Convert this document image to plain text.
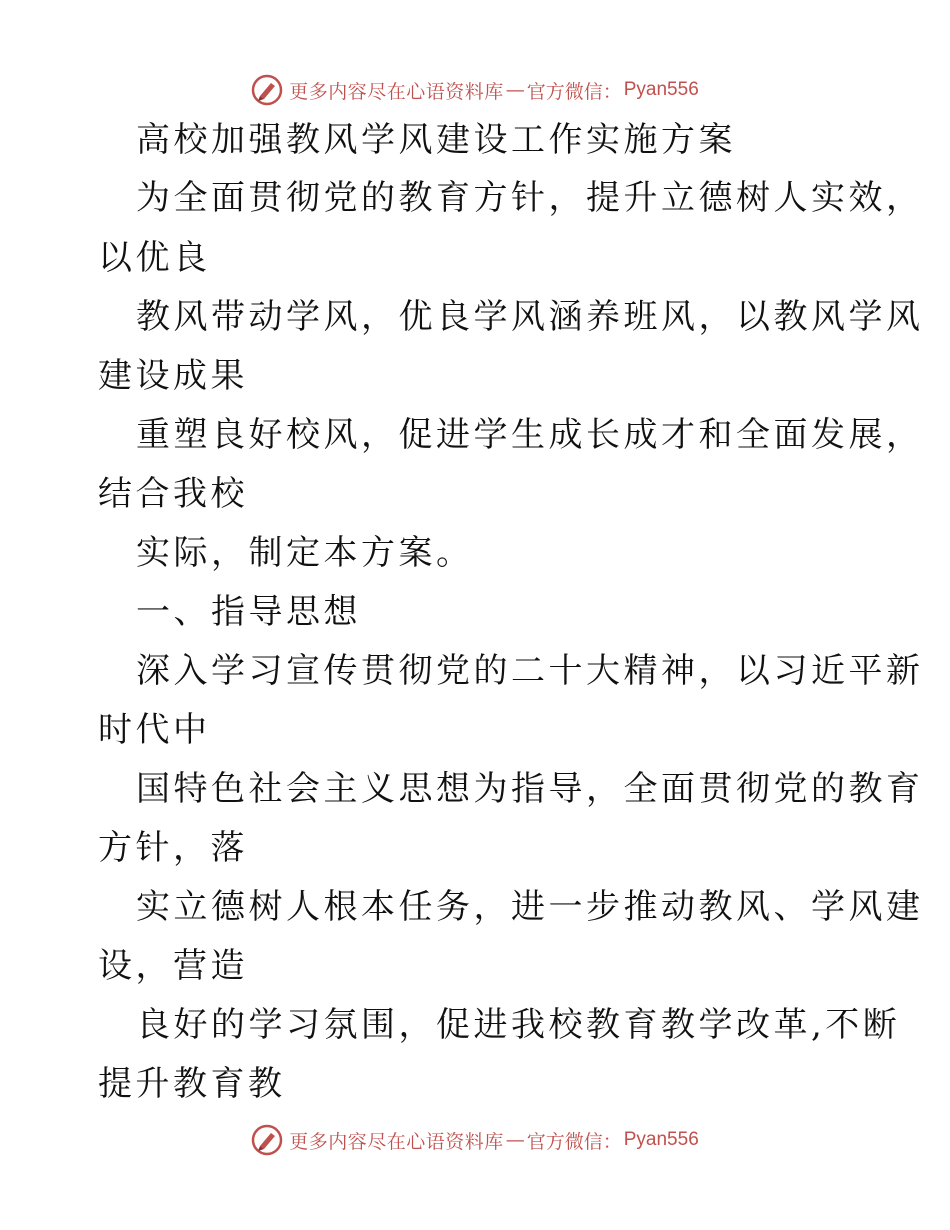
更多内容尽在心语资料库 — 官方微信： Pyan556
高校加强教风学风建设工作实施方案
为全面贯彻党的教育方针，提升立德树人实效，
以优良
教风带动学风，优良学风涵养班风，以教风学风
建设成果
重塑良好校风，促进学生成长成才和全面发展，
结合我校
实际，制定本方案。
一、指导思想
深入学习宣传贯彻党的二十大精神，以习近平新
时代中
国特色社会主义思想为指导，全面贯彻党的教育
方针，落
实立德树人根本任务，进一步推动教风、学风建
设，营造
良好的学习氛围，促进我校教育教学改革,不断
提升教育教
更多内容尽在心语资料库 — 官方微信： Pyan556
